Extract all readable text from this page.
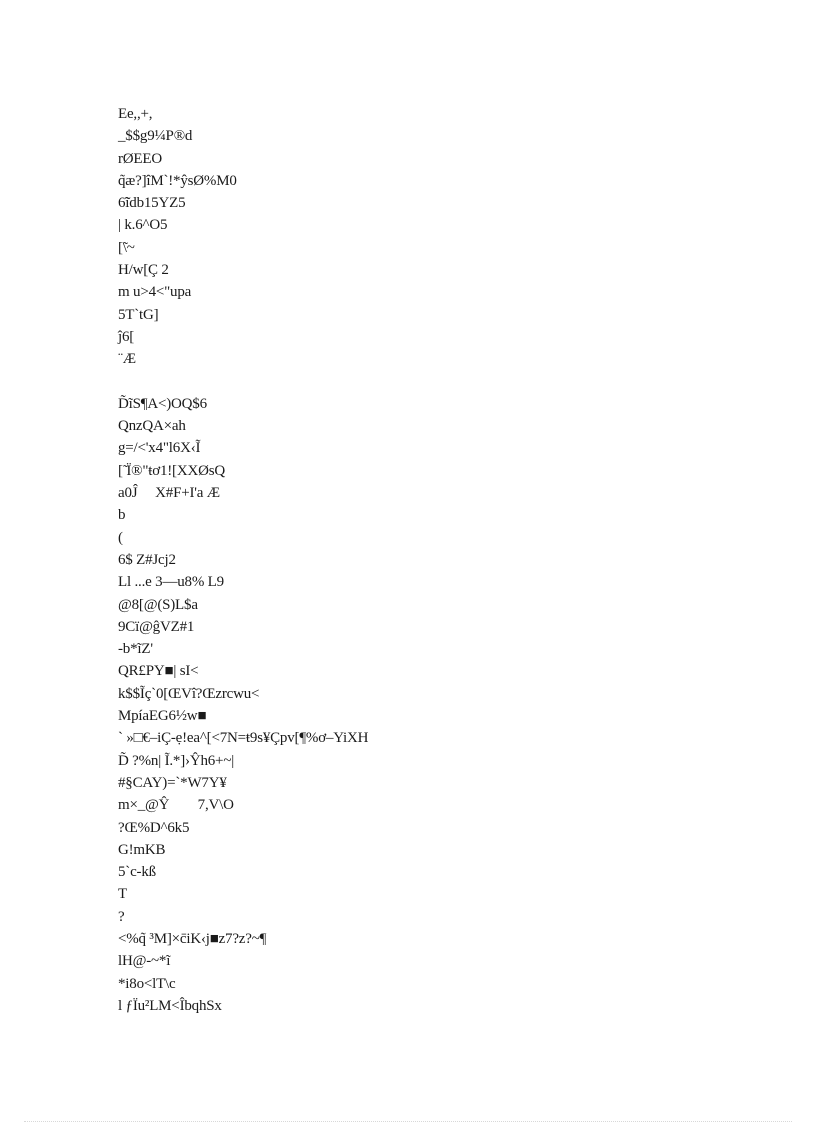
Ee,,+,
_$$g9¼P®d
rØEEO
q̃æ?]îM`!*ŷsØ%M0
6̃ĩdb15YZ5
| k.6^O5
[̃\~
H/w[Ç 2
m u>4<"upa
5T`tG]
ĵ6[
¨Æ
D̃ĩS¶A<)OQ$6
QnzQA×ah
g=/<'x4"l6X‹Ĩ
[̃ Ï®"ŧơ1![XXØsQ
a0Ĵ     X#F+I'a Æ
b
(
6$ Z#Jcj2
Ll ...e 3—u8% L9
@8[@(S)L$a
9Cï@ĝVZ#1
-b*ĩZ'
QR£PY■| sI<
k$$Ĩç`0[ŒVî?Œzrcwu<
MpíaEG6½w■
` »□€–iÇ-ẹ!ea^[<7N=ŧ9s¥Çpv[¶%ơ–YiXH
D̃ ?%n| Ĩ.*]›Ŷh6+~|
#§CAY)=`*W7Y¥
m×_@Ŷ        7,V\O
?Œ%D^6k5
G!mKB
5`c-kß
T
?
<%q̃ ³M]×c̄iK‹j■z7?z?~¶
lH@-~*ĩ
*i8o<lT\c
l ƒÏu²LM<ÎbqhSx
